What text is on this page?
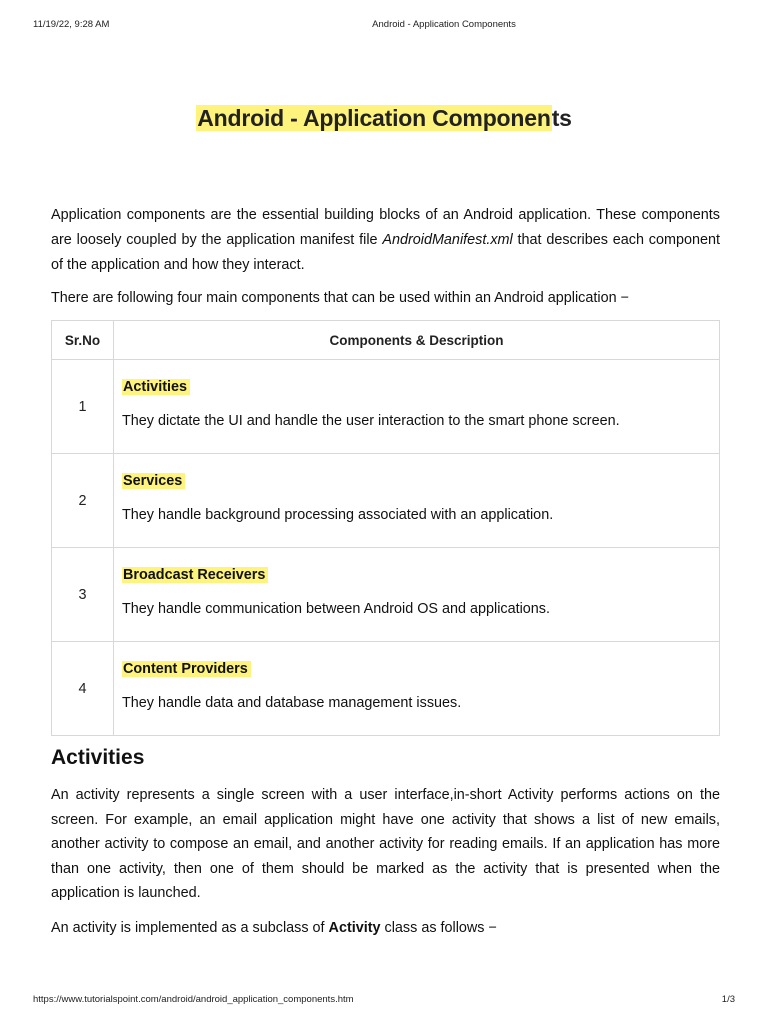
11/19/22, 9:28 AM	Android - Application Components
Android - Application Components

Application components are the essential building blocks of an Android application. These components are loosely coupled by the application manifest file AndroidManifest.xml that describes each component of the application and how they interact.

There are following four main components that can be used within an Android application −

Sr.No	Components & Description
1	Activities
They dictate the UI and handle the user interaction to the smart phone screen.

2	Services
They handle background processing associated with an application.

3	Broadcast Receivers
They handle communication between Android OS and applications.

4	Content Providers
They handle data and database management issues.
Activities

An activity represents a single screen with a user interface,in-short Activity performs actions on the screen. For example, an email application might have one activity that shows a list of new emails, another activity to compose an email, and another activity for reading emails. If an application has more than one activity, then one of them should be marked as the activity that is presented when the application is launched.

An activity is implemented as a subclass of Activity class as follows −

https://www.tutorialspoint.com/android/android_application_components.htm	1/3
